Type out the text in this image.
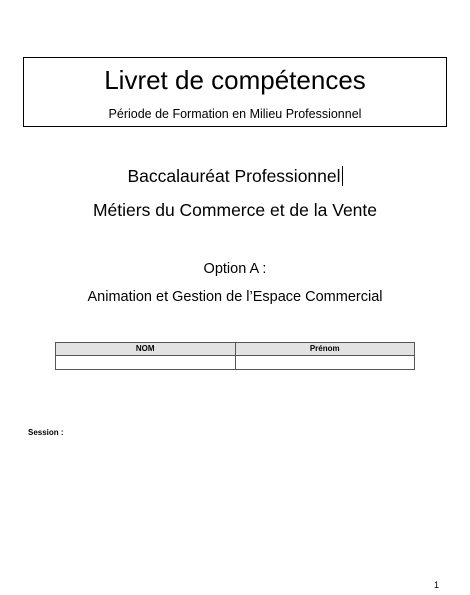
Livret de compétences
Période de Formation en Milieu Professionnel
Baccalauréat Professionnel
Métiers du Commerce et de la Vente
Option A :
Animation et Gestion de l’Espace Commercial
NOM	Prénom

Session :
1
